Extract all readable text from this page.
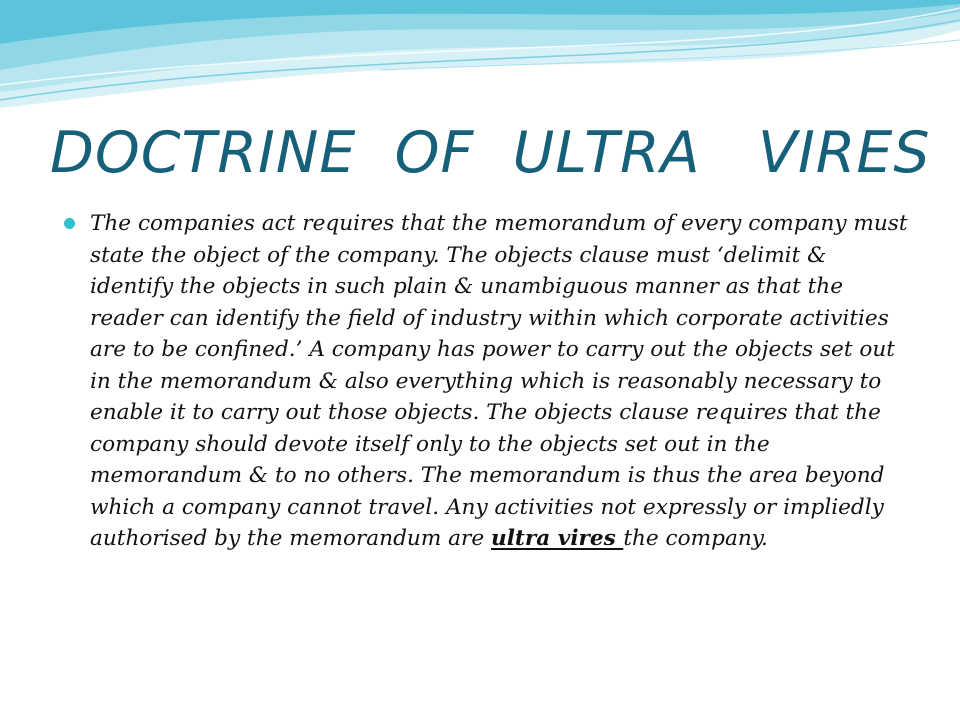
DOCTRINE  OF  ULTRA   VIRES

The companies act requires that the memorandum of every company must state the object of the company. The objects clause must ‘delimit & identify the objects in such plain & unambiguous manner as that the reader can identify the field of industry within which corporate activities are to be confined.’ A company has power to carry out the objects set out in the memorandum & also everything which is reasonably necessary to enable it to carry out those objects. The objects clause requires that the company should devote itself only to the objects set out in the memorandum & to no others. The memorandum is thus the area beyond which a company cannot travel. Any activities not expressly or impliedly authorised by the memorandum are ultra vires the company.
